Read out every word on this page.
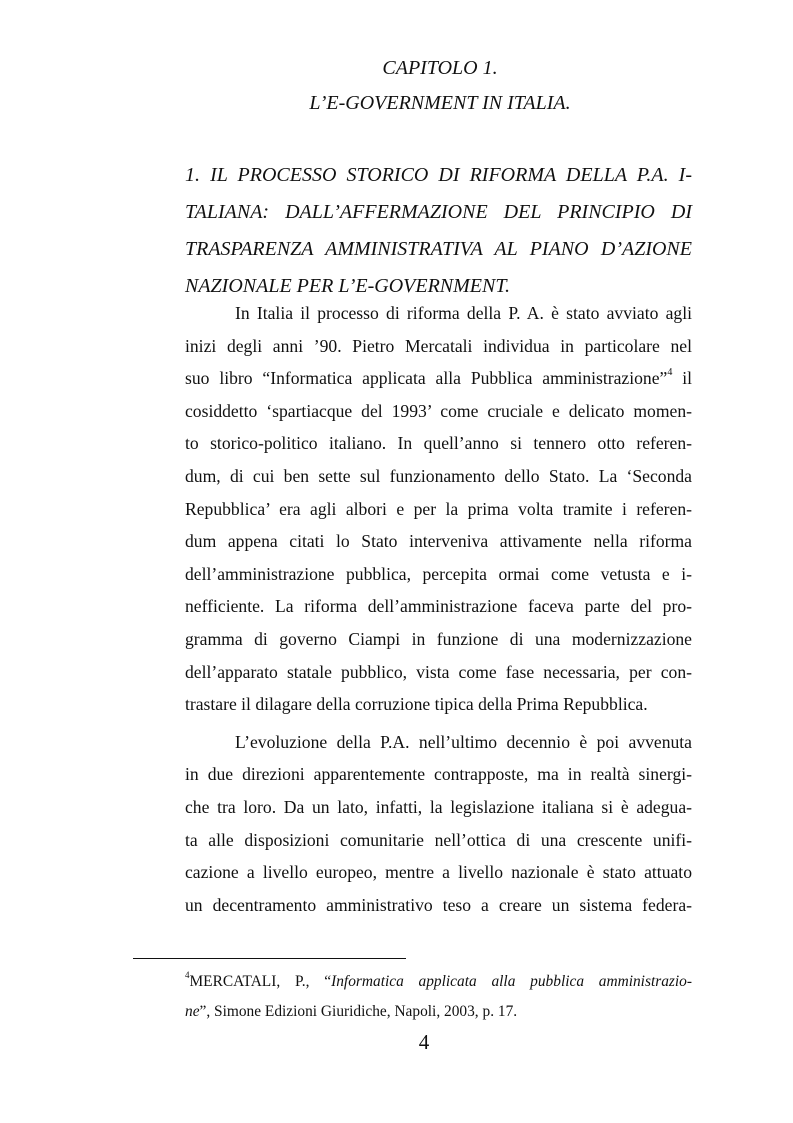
CAPITOLO 1.
L’E-GOVERNMENT IN ITALIA.
1. IL PROCESSO STORICO DI RIFORMA DELLA P.A. I-
TALIANA: DALL’AFFERMAZIONE DEL PRINCIPIO DI
TRASPARENZA AMMINISTRATIVA AL PIANO D’AZIONE
NAZIONALE PER L’E-GOVERNMENT.
In Italia il processo di riforma della P. A. è stato avviato agli
inizi degli anni ’90. Pietro Mercatali individua in particolare nel
suo libro “Informatica applicata alla Pubblica amministrazione”$^4$ il
cosiddetto ‘spartiacque del 1993’ come cruciale e delicato momen-
to storico-politico italiano. In quell’anno si tennero otto referen-
dum, di cui ben sette sul funzionamento dello Stato. La ‘Seconda
Repubblica’ era agli albori e per la prima volta tramite i referen-
dum appena citati lo Stato interveniva attivamente nella riforma
dell’amministrazione pubblica, percepita ormai come vetusta e i-
nefficiente. La riforma dell’amministrazione faceva parte del pro-
gramma di governo Ciampi in funzione di una modernizzazione
dell’apparato statale pubblico, vista come fase necessaria, per con-
trastare il dilagare della corruzione tipica della Prima Repubblica.
L’evoluzione della P.A. nell’ultimo decennio è poi avvenuta
in due direzioni apparentemente contrapposte, ma in realtà sinergi-
che tra loro. Da un lato, infatti, la legislazione italiana si è adegua-
ta alle disposizioni comunitarie nell’ottica di una crescente unifi-
cazione a livello europeo, mentre a livello nazionale è stato attuato
un decentramento amministrativo teso a creare un sistema federa-
$^4$MERCATALI, P., “Informatica applicata alla pubblica amministrazio-
ne”, Simone Edizioni Giuridiche, Napoli, 2003, p. 17.
4
